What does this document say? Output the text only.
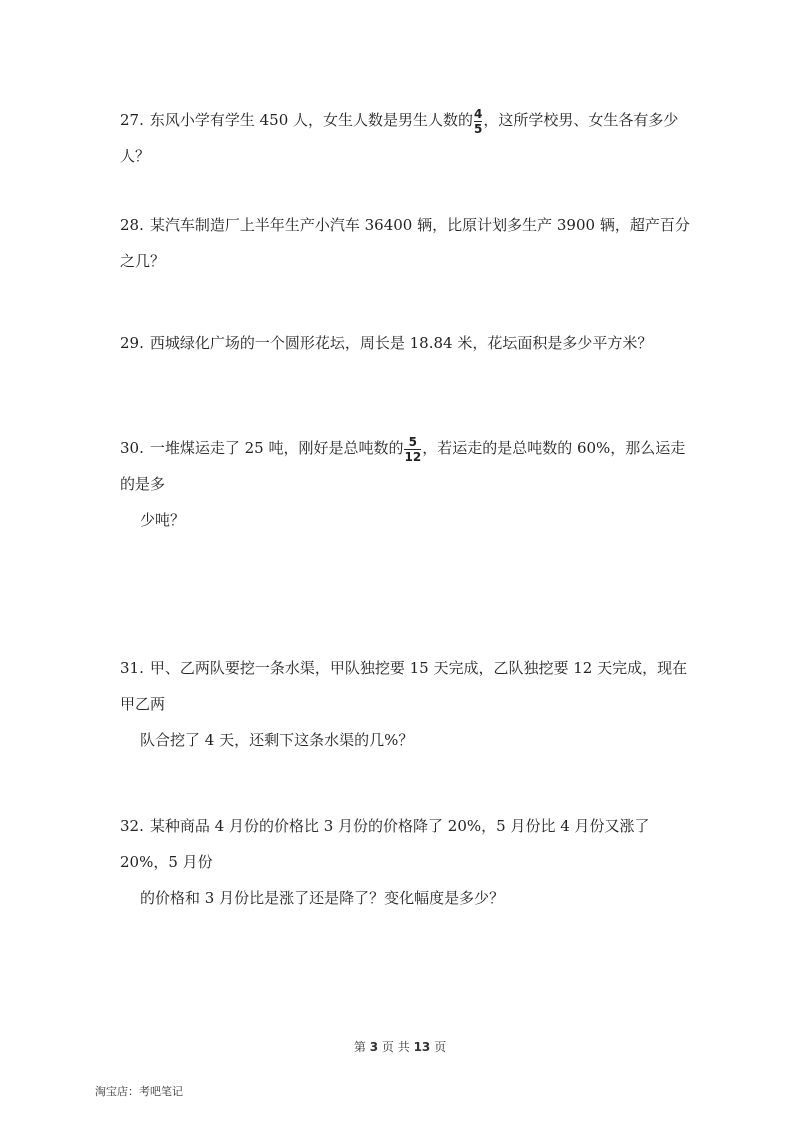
27. 东风小学有学生 450 人，女生人数是男生人数的 $\frac{4}{5}$ ，这所学校男、女生各有多少人？
28. 某汽车制造厂上半年生产小汽车 36400 辆，比原计划多生产 3900 辆，超产百分之几？
29. 西城绿化广场的一个圆形花坛，周长是 18.84 米，花坛面积是多少平方米？
30. 一堆煤运走了 25 吨，刚好是总吨数的 $\frac{5}{12}$ ，若运走的是总吨数的 60%，那么运走的是多
少吨？
31. 甲、乙两队要挖一条水渠，甲队独挖要 15 天完成，乙队独挖要 12 天完成，现在甲乙两
队合挖了 4 天，还剩下这条水渠的几%？
32. 某种商品 4 月份的价格比 3 月份的价格降了 20%，5 月份比 4 月份又涨了 20%，5 月份
的价格和 3 月份比是涨了还是降了？变化幅度是多少？
第 3 页 共 13 页
淘宝店：考吧笔记
